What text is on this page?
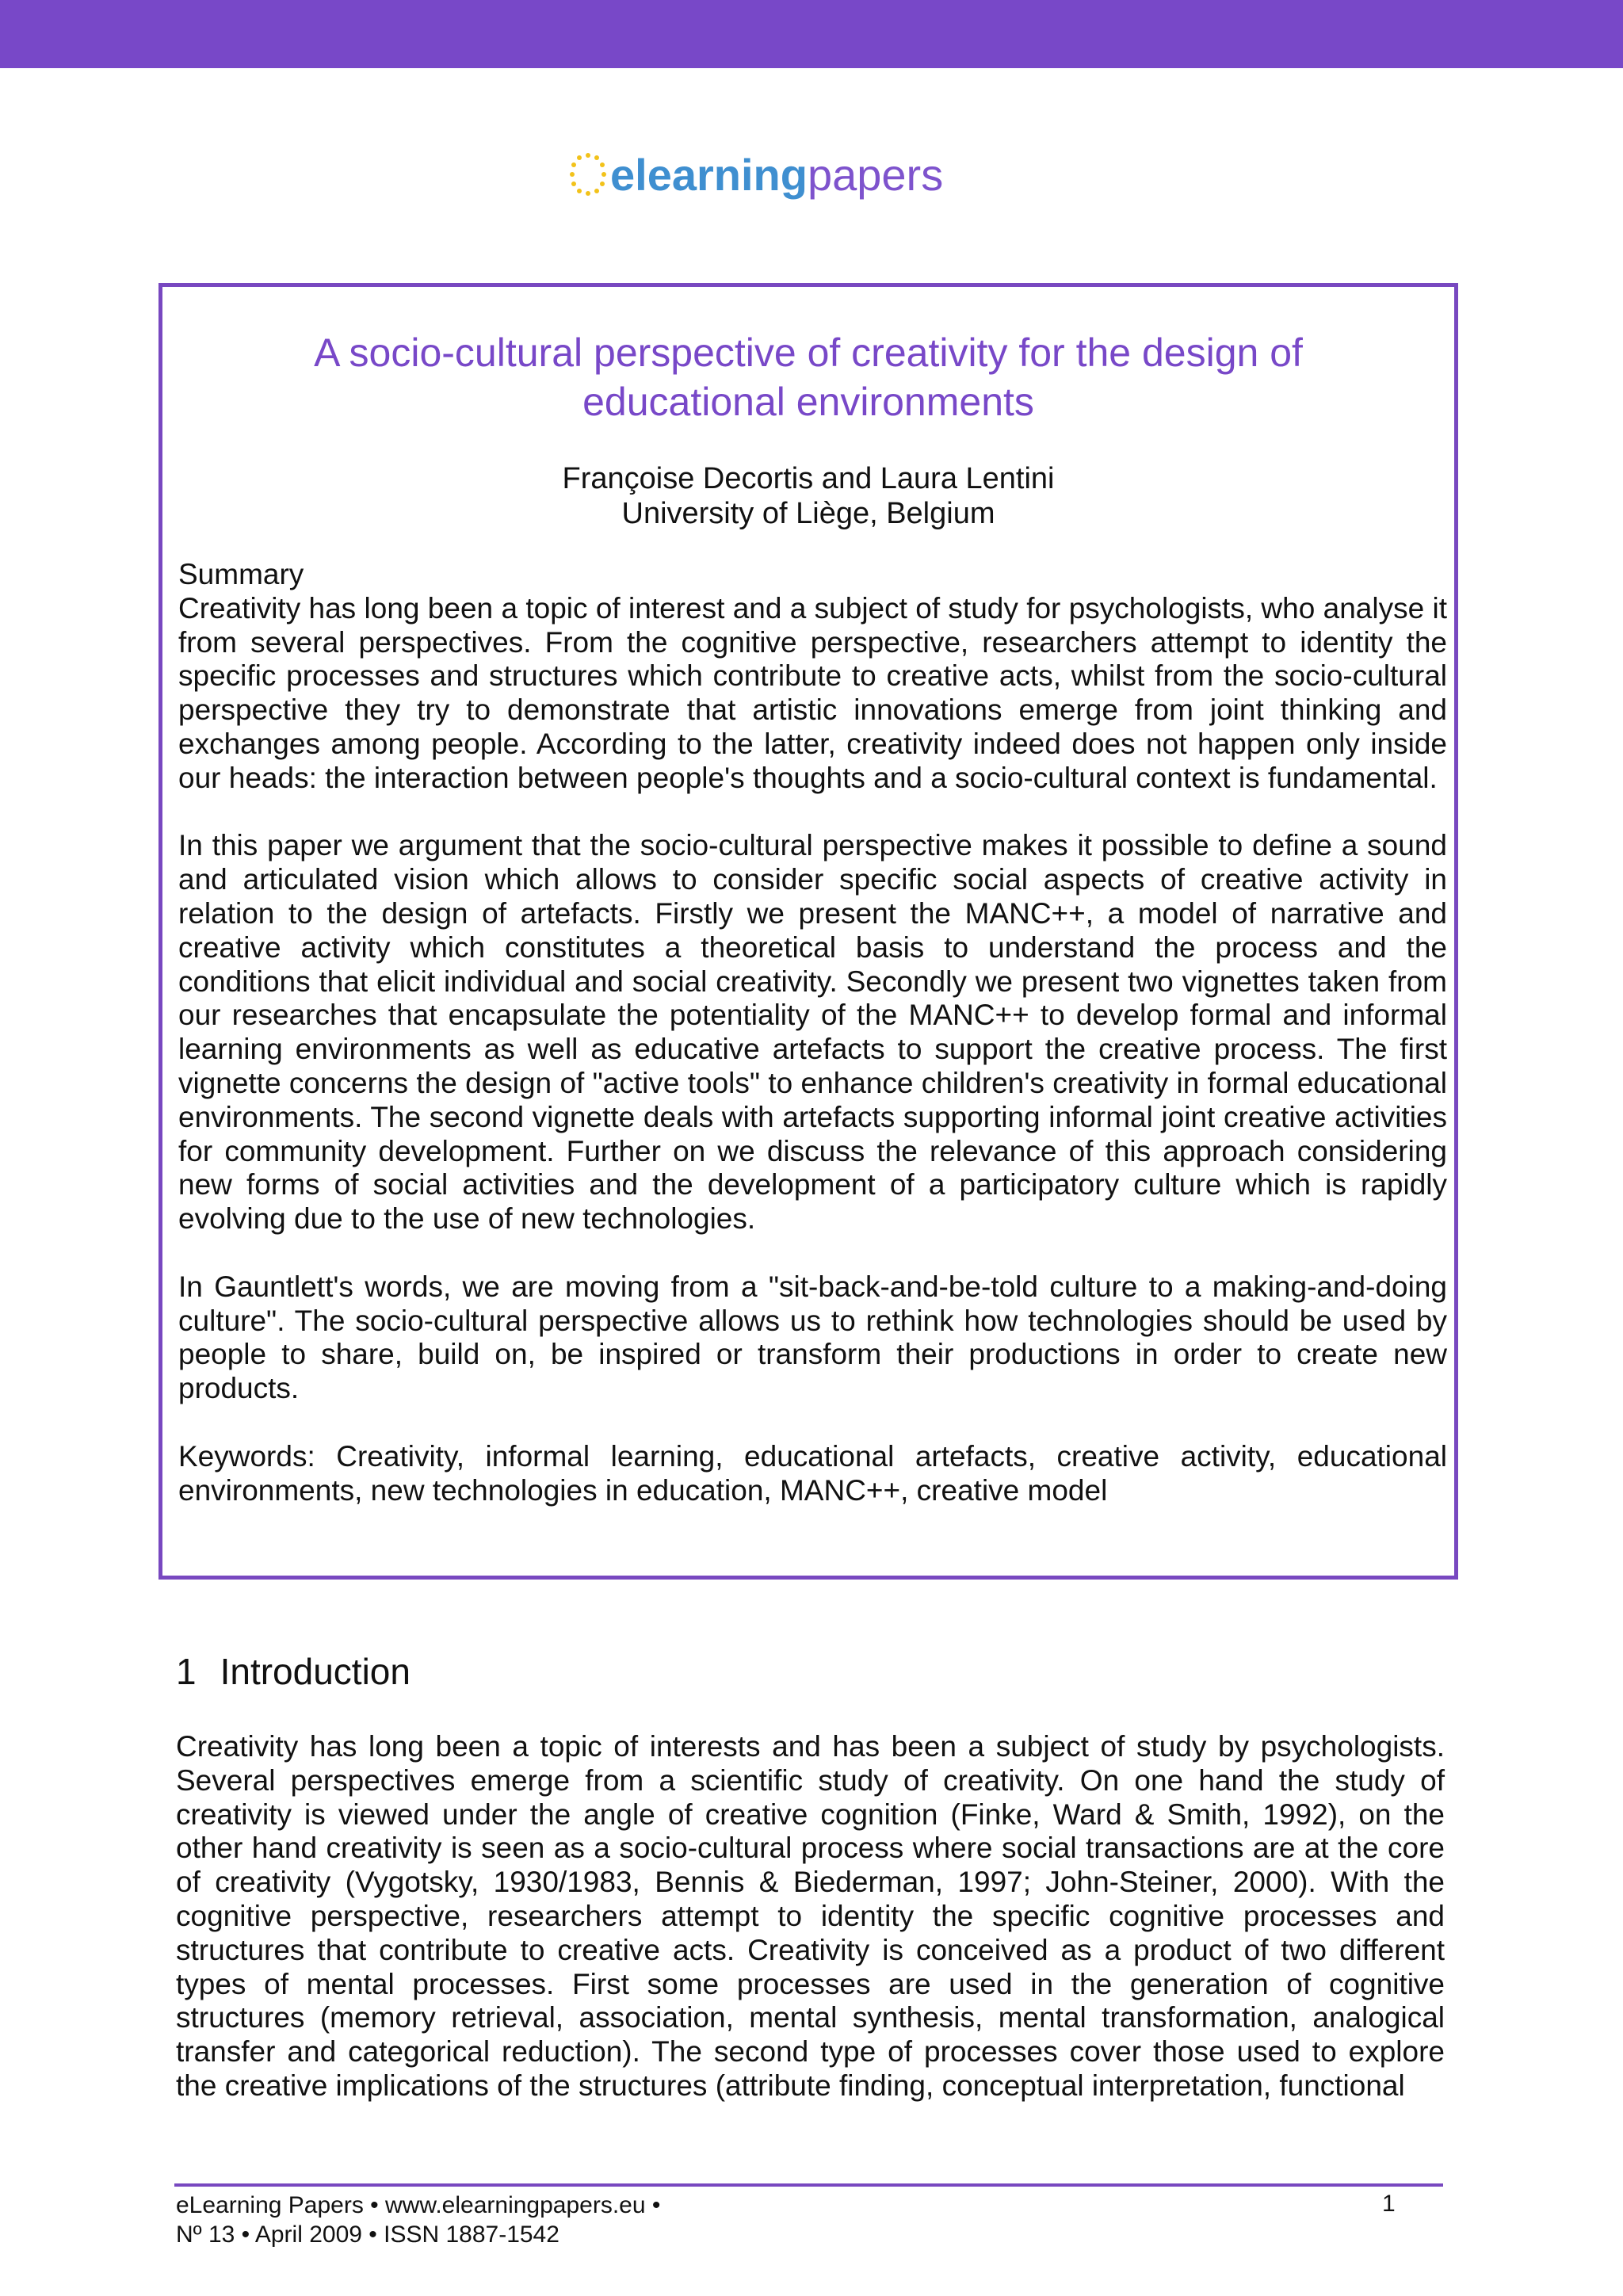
elearning papers
A socio-cultural perspective of creativity for the design of
educational environments
Françoise Decortis and Laura Lentini
University of Liège, Belgium

Summary
Creativity has long been a topic of interest and a subject of study for psychologists, who analyse it from several perspectives. From the cognitive perspective, researchers attempt to identity the specific processes and structures which contribute to creative acts, whilst from the socio-cultural perspective they try to demonstrate that artistic innovations emerge from joint thinking and exchanges among people. According to the latter, creativity indeed does not happen only inside our heads: the interaction between people's thoughts and a socio-cultural context is fundamental.

In this paper we argument that the socio-cultural perspective makes it possible to define a sound and articulated vision which allows to consider specific social aspects of creative activity in relation to the design of artefacts. Firstly we present the MANC++, a model of narrative and creative activity which constitutes a theoretical basis to understand the process and the conditions that elicit individual and social creativity. Secondly we present two vignettes taken from our researches that encapsulate the potentiality of the MANC++ to develop formal and informal learning environments as well as educative artefacts to support the creative process. The first vignette concerns the design of "active tools" to enhance children's creativity in formal educational environments. The second vignette deals with artefacts supporting informal joint creative activities for community development. Further on we discuss the relevance of this approach considering new forms of social activities and the development of a participatory culture which is rapidly evolving due to the use of new technologies.

In Gauntlett's words, we are moving from a "sit-back-and-be-told culture to a making-and-doing culture". The socio-cultural perspective allows us to rethink how technologies should be used by people to share, build on, be inspired or transform their productions in order to create new products.

Keywords: Creativity, informal learning, educational artefacts, creative activity, educational environments, new technologies in education, MANC++, creative model

1 Introduction

Creativity has long been a topic of interests and has been a subject of study by psychologists. Several perspectives emerge from a scientific study of creativity. On one hand the study of creativity is viewed under the angle of creative cognition (Finke, Ward & Smith, 1992), on the other hand creativity is seen as a socio-cultural process where social transactions are at the core of creativity (Vygotsky, 1930/1983, Bennis & Biederman, 1997; John-Steiner, 2000). With the cognitive perspective, researchers attempt to identity the specific cognitive processes and structures that contribute to creative acts. Creativity is conceived as a product of two different types of mental processes. First some processes are used in the generation of cognitive structures (memory retrieval, association, mental synthesis, mental transformation, analogical transfer and categorical reduction). The second type of processes cover those used to explore the creative implications of the structures (attribute finding, conceptual interpretation, functional

eLearning Papers • www.elearningpapers.eu •
Nº 13 • April 2009 • ISSN 1887-1542
1
